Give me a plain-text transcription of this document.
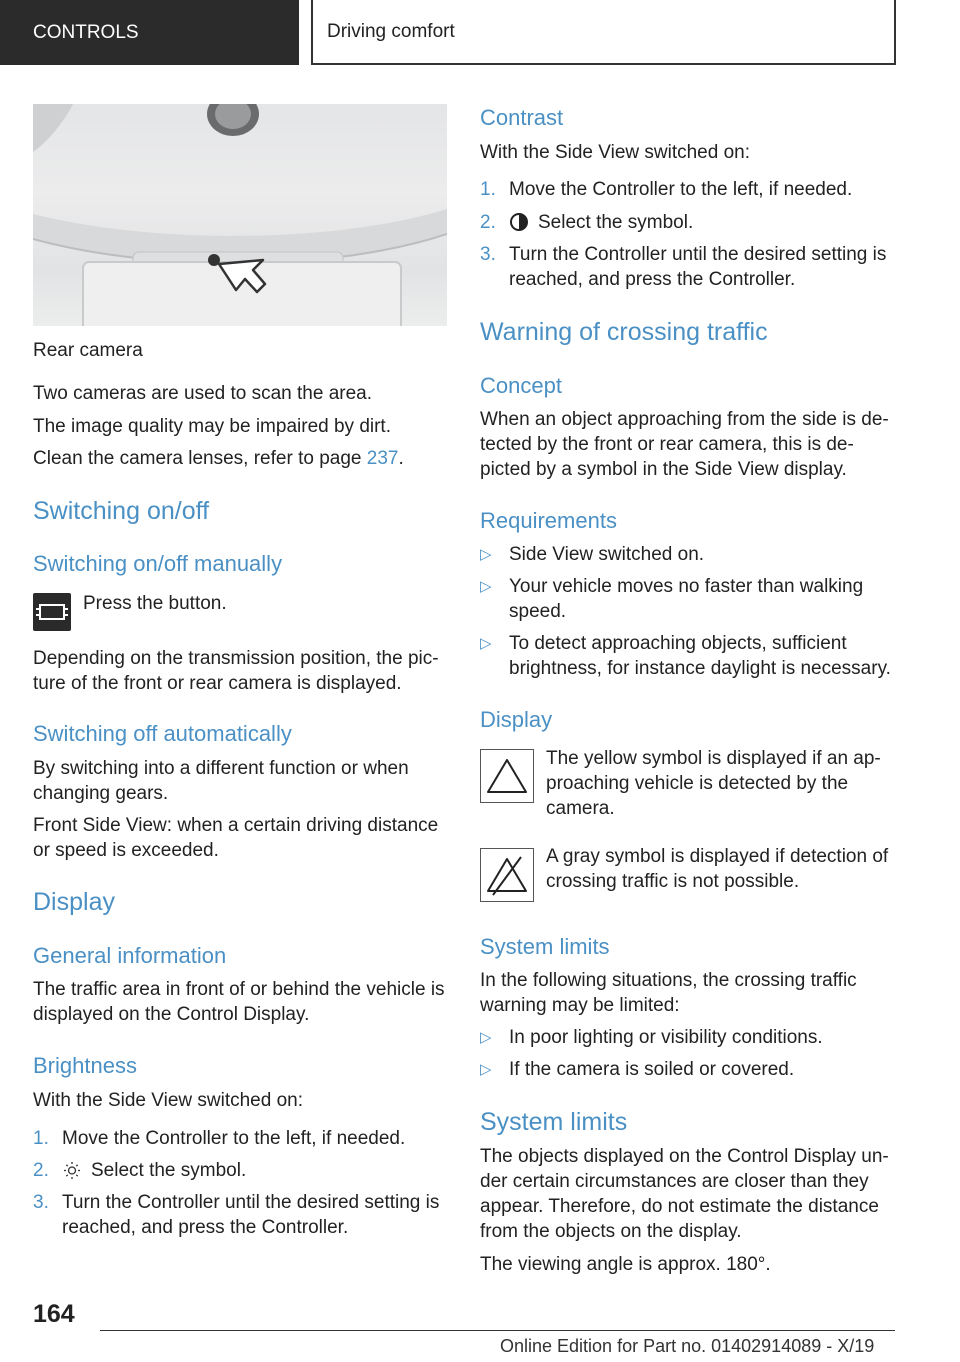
CONTROLS	Driving comfort

Rear camera

Two cameras are used to scan the area.

The image quality may be impaired by dirt.

Clean the camera lenses, refer to page 237.

Switching on/off
Switching on/off manually

Press the button.

Depending on the transmission position, the pic‐

ture of the front or rear camera is displayed.

Switching off automatically

By switching into a different function or when

changing gears.

Front Side View: when a certain driving distance

or speed is exceeded.

Display
General information

The traffic area in front of or behind the vehicle is

displayed on the Control Display.

Brightness

With the Side View switched on:

1. Move the Controller to the left, if needed.
2. Select the symbol.
3. Turn the Controller until the desired setting is
reached, and press the Controller.
Contrast

With the Side View switched on:

1. Move the Controller to the left, if needed.
2. Select the symbol.
3. Turn the Controller until the desired setting is
reached, and press the Controller.
Warning of crossing traffic
Concept

When an object approaching from the side is de‐

tected by the front or rear camera, this is de‐

picted by a symbol in the Side View display.

Requirements
▷ Side View switched on.
▷ Your vehicle moves no faster than walking
speed.
▷ To detect approaching objects, sufficient
brightness, for instance daylight is necessary.
Display

The yellow symbol is displayed if an ap‐

proaching vehicle is detected by the

camera.

A gray symbol is displayed if detection of

crossing traffic is not possible.

System limits

In the following situations, the crossing traffic

warning may be limited:

▷ In poor lighting or visibility conditions.
▷ If the camera is soiled or covered.
System limits

The objects displayed on the Control Display un‐

der certain circumstances are closer than they

appear. Therefore, do not estimate the distance

from the objects on the display.

The viewing angle is approx. 180°.

164
Online Edition for Part no. 01402914089 - X/19
